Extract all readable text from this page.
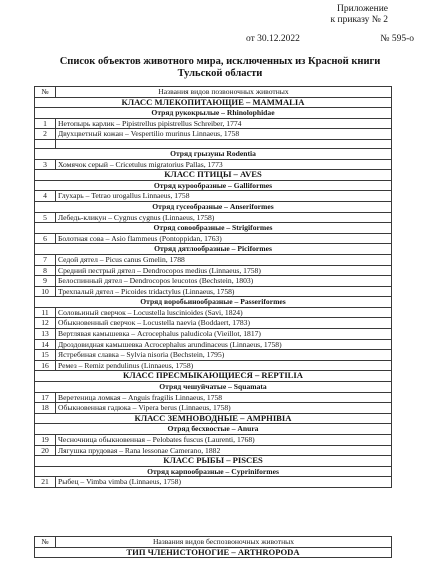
Приложение
к приказу № 2
от 30.12.2022	№ 595-о
Список объектов животного мира, исключенных из Красной книги
Тульской области
№	Названия видов позвоночных животных
КЛАСС МЛЕКОПИТАЮЩИЕ – MAMMALIA	
Отряд рукокрылые – Rhinolophidae	
1	Нетопырь карлик – Pipistrellus pipistrellus Schreiber, 1774
2	Двухцветный кожан – Vespertilio murinus Linnaeus, 1758

Отряд грызуны Rodentia	
3	Хомячок серый – Cricetulus migratorius Pallas, 1773
КЛАСС ПТИЦЫ – AVES	
Отряд курообразные – Galliformes	
4	Глухарь – Tetrao urogallus Linnaeus, 1758
Отряд гусеобразные – Anseriformes	
5	Лебедь-кликун – Cygnus cygnus (Linnaeus, 1758)
Отряд совообразные – Strigiformes	
6	Болотная сова – Asio flammeus (Pontoppidan, 1763)
Отряд дятлообразные – Piciformes	
7	Седой дятел – Picus canus Gmelin, 1788
8	Средний пестрый дятел – Dendrocopos medius (Linnaeus, 1758)
9	Белоспинный дятел – Dendrocopos leucotos (Bechstein, 1803)
10	Трехпалый дятел – Picoides tridactylus (Linnaeus, 1758)
Отряд воробьинообразные – Passeriformes	
11	Соловьиный сверчок – Locustella luscinioides (Savi, 1824)
12	Обыкновенный сверчок – Locustella naevia (Boddaert, 1783)
13	Вертлявая камышевка – Acrocephalus paludicola (Vieillot, 1817)
14	Дроздовидная камышевка Acrocephalus arundinaceus (Linnaeus, 1758)
15	Ястребиная славка – Sylvia nisoria (Bechstein, 1795)
16	Ремез – Remiz pendulinus (Linnaeus, 1758)
КЛАСС ПРЕСМЫКАЮЩИЕСЯ – REPTILIA	
Отряд чешуйчатые – Squamata	
17	Веретеница ломкая – Anguis fragilis Linnaeus, 1758
18	Обыкновенная гадюка – Vipera berus (Linnaeus, 1758)
КЛАСС ЗЕМНОВОДНЫЕ – AMPHIBIA	
Отряд бесхвостые – Anura	
19	Чесночница обыкновенная – Pelobates fuscus (Laurenti, 1768)
20	Лягушка прудовая – Rana lessonae Camerano, 1882
КЛАСС РЫБЫ – PISCES	
Отряд карпообразные – Cypriniformes	
21	Рыбец – Vimba vimba (Linnaeus, 1758)
№	Названия видов беспозвоночных животных
ТИП ЧЛЕНИСТОНОГИЕ – ARTHROPODA
